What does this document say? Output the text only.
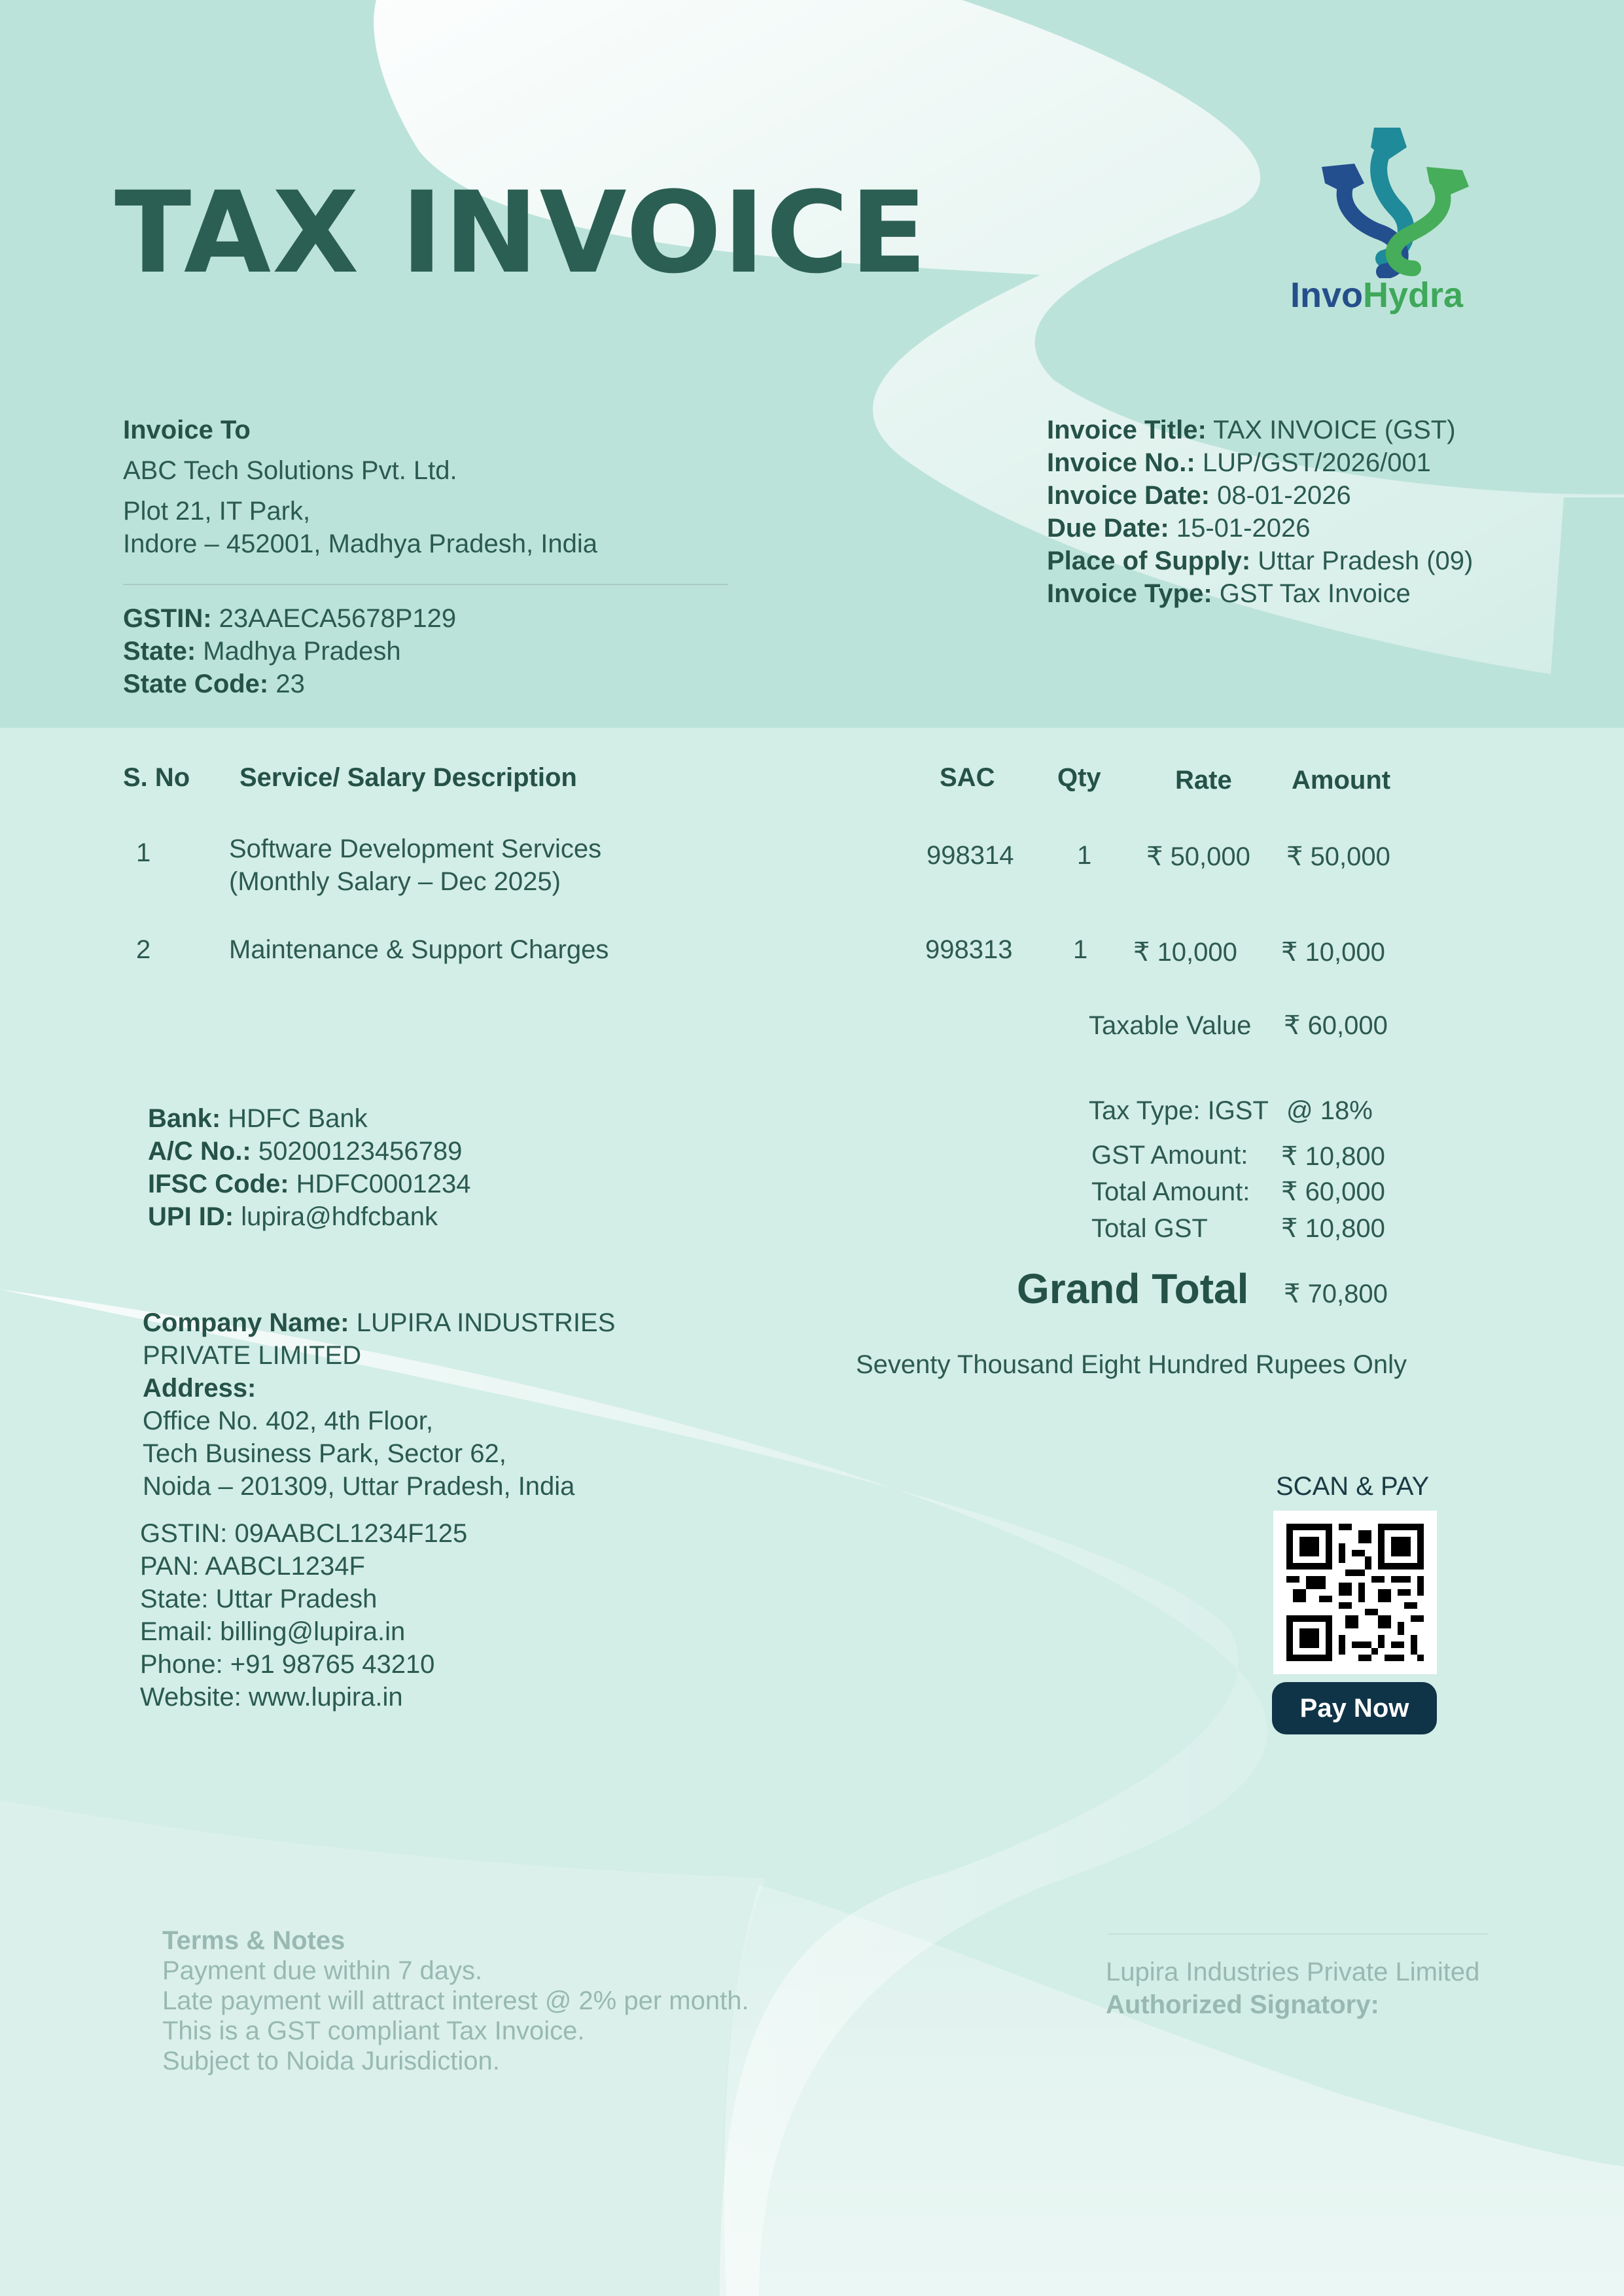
TAX INVOICE	InvoHydra
Invoice To
ABC Tech Solutions Pvt. Ltd.
Plot 21, IT Park,
Indore – 452001, Madhya Pradesh, India
GSTIN: 23AAECA5678P129
State: Madhya Pradesh
State Code: 23
Invoice Title: TAX INVOICE (GST)
Invoice No.: LUP/GST/2026/001
Invoice Date: 08-01-2026
Due Date: 15-01-2026
Place of Supply: Uttar Pradesh (09)
Invoice Type: GST Tax Invoice
S. No Service/ Salary Description	SAC Qty	Rate Amount
1	Software Development Services
(Monthly Salary – Dec 2025)
998314 1 ₹ 50,000 ₹ 50,000
2	Maintenance & Support Charges	998313 1 ₹ 10,000 ₹ 10,000
Taxable Value ₹ 60,000
Bank: HDFC Bank
A/C No.: 50200123456789
IFSC Code: HDFC0001234
UPI ID: lupira@hdfcbank
Tax Type: IGST @ 18%
GST Amount: ₹ 10,800
Total Amount: ₹ 60,000
Total GST	₹ 10,800
Grand Total ₹ 70,800
Seventy Thousand Eight Hundred Rupees Only
Company Name: LUPIRA INDUSTRIES
PRIVATE LIMITED
Address:
Office No. 402, 4th Floor,
Tech Business Park, Sector 62,
Noida – 201309, Uttar Pradesh, India
GSTIN: 09AABCL1234F125
PAN: AABCL1234F
State: Uttar Pradesh
Email: billing@lupira.in
Phone: +91 98765 43210
Website: www.lupira.in
SCAN & PAY
Pay Now
Terms & Notes
Payment due within 7 days.
Late payment will attract interest @ 2% per month.
This is a GST compliant Tax Invoice.
Subject to Noida Jurisdiction.
Lupira Industries Private Limited
Authorized Signatory:
